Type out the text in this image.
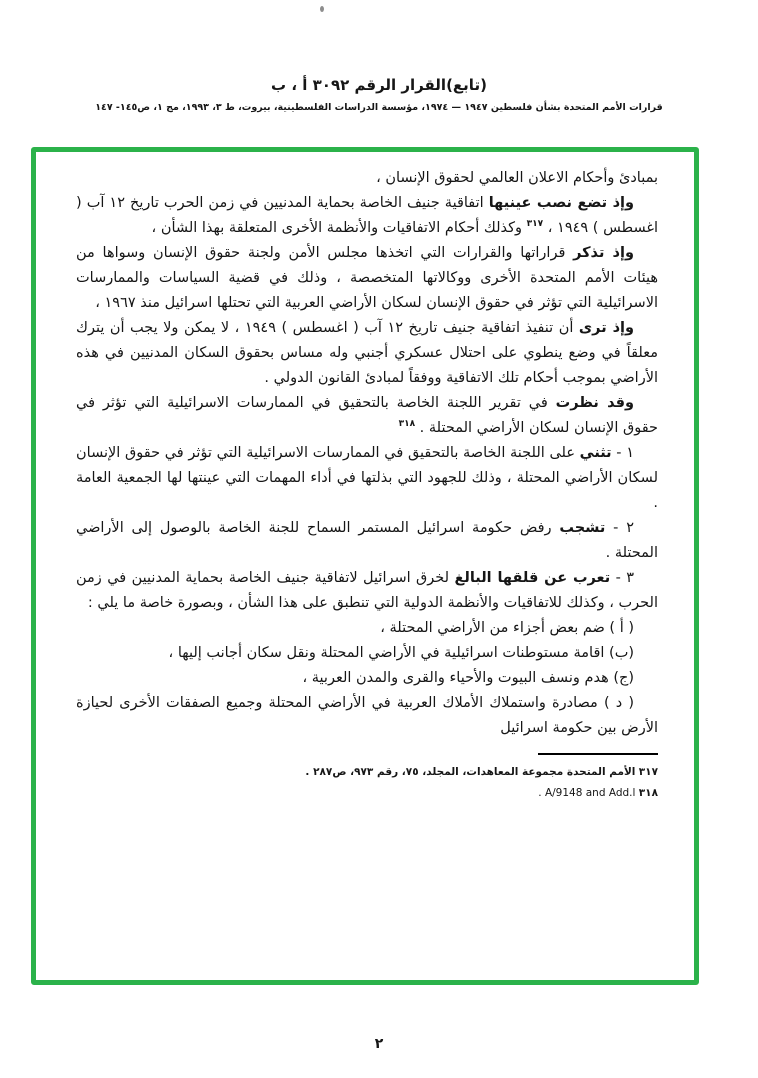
(تابع)القرار الرقم ٣٠٩٢ أ ، ب
قرارات الأمم المتحدة بشأن فلسطين ١٩٤٧ — ١٩٧٤، مؤسسة الدراسات الفلسطينية، بيروت، ط ٣، ١٩٩٣، مج ١، ص١٤٥- ١٤٧

بمبادئ وأحكام الاعلان العالمي لحقوق الإنسان ،

وإذ تضع نصب عينيها اتفاقية جنيف الخاصة بحماية المدنيين في زمن الحرب تاريخ ١٢ آب ( اغسطس ) ١٩٤٩ ، $^{٣١٧}$ وكذلك أحكام الاتفاقيات والأنظمة الأخرى المتعلقة بهذا الشأن ،

وإذ تذكر قراراتها والقرارات التي اتخذها مجلس الأمن ولجنة حقوق الإنسان وسواها من هيئات الأمم المتحدة الأخرى ووكالاتها المتخصصة ، وذلك في قضية السياسات والممارسات الاسرائيلية التي تؤثر في حقوق الإنسان لسكان الأراضي العربية التي تحتلها اسرائيل منذ ١٩٦٧ ،

وإذ ترى أن تنفيذ اتفاقية جنيف تاريخ ١٢ آب ( اغسطس ) ١٩٤٩ ، لا يمكن ولا يجب أن يترك معلقاً في وضع ينطوي على احتلال عسكري أجنبي وله مساس بحقوق السكان المدنيين في هذه الأراضي بموجب أحكام تلك الاتفاقية ووفقاً لمبادئ القانون الدولي .

وقد نظرت في تقرير اللجنة الخاصة بالتحقيق في الممارسات الاسرائيلية التي تؤثر في حقوق الإنسان لسكان الأراضي المحتلة . $^{٣١٨}$

١ - تثني على اللجنة الخاصة بالتحقيق في الممارسات الاسرائيلية التي تؤثر في حقوق الإنسان لسكان الأراضي المحتلة ، وذلك للجهود التي بذلتها في أداء المهمات التي عينتها لها الجمعية العامة .

٢ - تشجب رفض حكومة اسرائيل المستمر السماح للجنة الخاصة بالوصول إلى الأراضي المحتلة .

٣ - تعرب عن قلقها البالغ لخرق اسرائيل لاتفاقية جنيف الخاصة بحماية المدنيين في زمن الحرب ، وكذلك للاتفاقيات والأنظمة الدولية التي تنطبق على هذا الشأن ، وبصورة خاصة ما يلي :

( أ ) ضم بعض أجزاء من الأراضي المحتلة ،

(ب) اقامة مستوطنات اسرائيلية في الأراضي المحتلة ونقل سكان أجانب إليها ،

(ج) هدم ونسف البيوت والأحياء والقرى والمدن العربية ،

( د ) مصادرة واستملاك الأملاك العربية في الأراضي المحتلة وجميع الصفقات الأخرى لحيازة الأرض بين حكومة اسرائيل

٣١٧ الأمم المتحدة مجموعة المعاهدات، المجلد، ٧٥، رقم ٩٧٣، ص٢٨٧ .
٣١٨ A/9148 and Add.l .
٢
